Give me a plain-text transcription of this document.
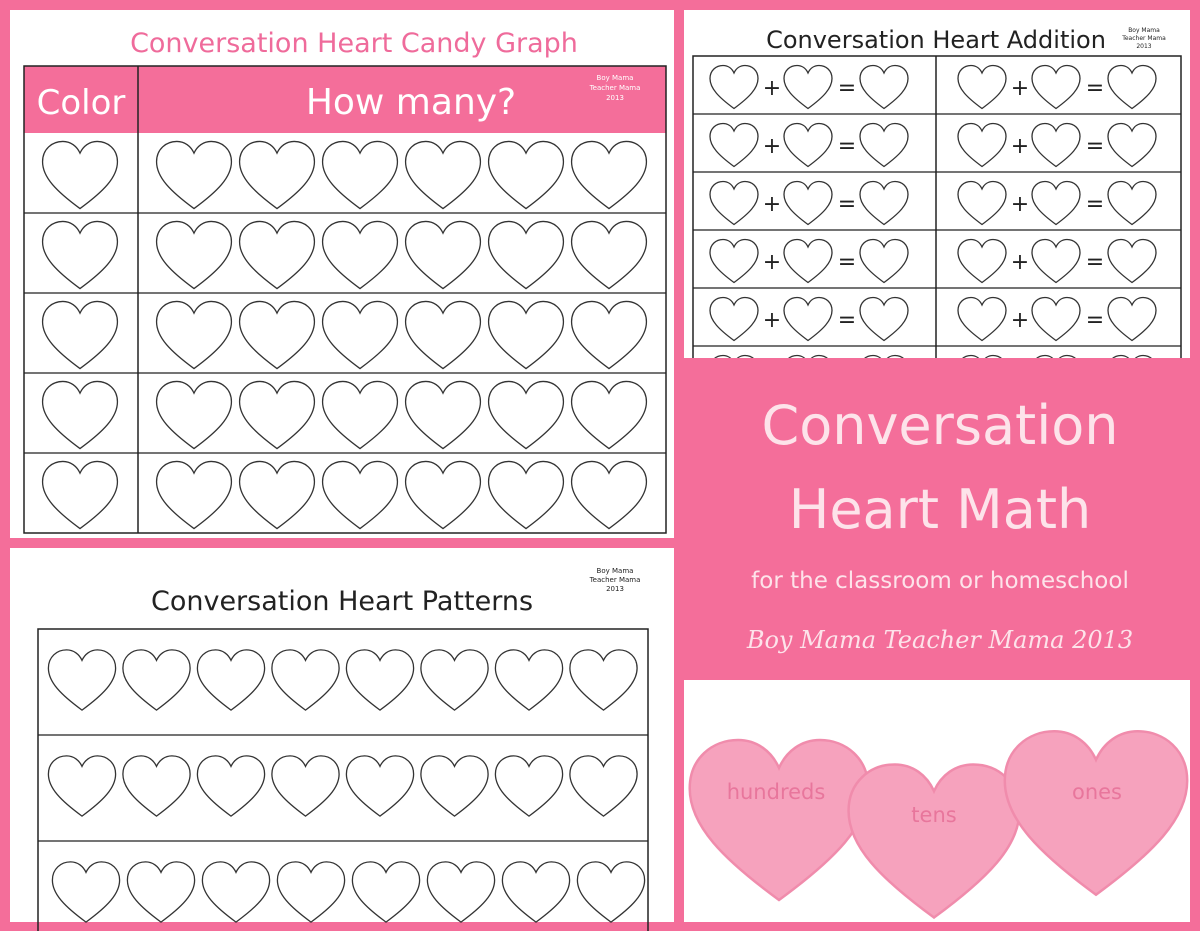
Conversation Heart Candy Graph
Color	How many?
Boy Mama
Teacher Mama
2013
Conversation Heart Addition	Boy Mama
Teacher Mama
2013
+	=	+	=
+	=	+	=
+	=	+	=
+	=	+	=
+	=	+	=
Conversation Heart Patterns
Boy Mama
Teacher Mama
2013
Conversation
Heart Math
for the classroom or homeschool
Boy Mama Teacher Mama 2013
hundreds
tens
ones
